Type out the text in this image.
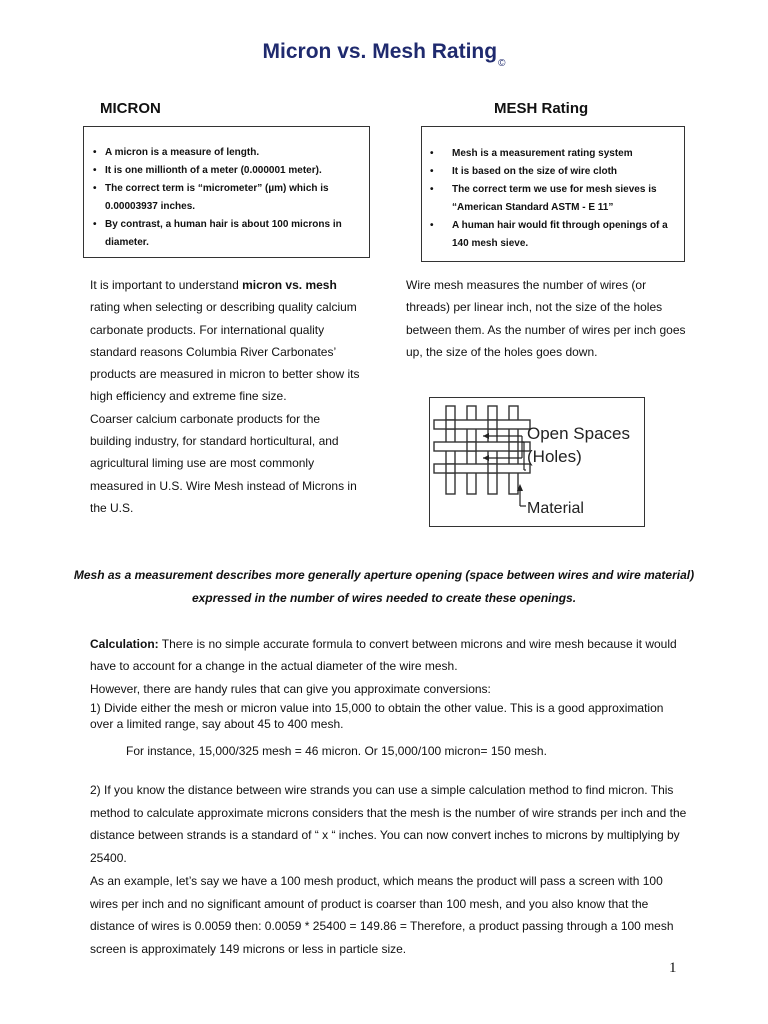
Micron vs. Mesh Rating$_©$
MICRON	MESH Rating
• A micron is a measure of length.
• It is one millionth of a meter (0.000001 meter).
• The correct term is “micrometer” (µm) which is 0.00003937 inches.
• By contrast, a human hair is about 100 microns in diameter.
• Mesh is a measurement rating system
• It is based on the size of wire cloth
• The correct term we use for mesh sieves is “American Standard ASTM - E 11”
• A human hair would fit through openings of a 140 mesh sieve.
It is important to understand micron vs. mesh rating when selecting or describing quality calcium carbonate products. For international quality standard reasons Columbia River Carbonates’ products are measured in micron to better show its high efficiency and extreme fine size.
Coarser calcium carbonate products for the building industry, for standard horticultural, and agricultural liming use are most commonly measured in U.S. Wire Mesh instead of Microns in the U.S.
Wire mesh measures the number of wires (or threads) per linear inch, not the size of the holes between them. As the number of wires per inch goes up, the size of the holes goes down.
Open Spaces
(Holes)
Material
Mesh as a measurement describes more generally aperture opening (space between wires and wire material) expressed in the number of wires needed to create these openings.

Calculation: There is no simple accurate formula to convert between microns and wire mesh because it would have to account for a change in the actual diameter of the wire mesh.

However, there are handy rules that can give you approximate conversions:

1) Divide either the mesh or micron value into 15,000 to obtain the other value. This is a good approximation over a limited range, say about 45 to 400 mesh.

For instance, 15,000/325 mesh = 46 micron. Or 15,000/100 micron= 150 mesh.

2) If you know the distance between wire strands you can use a simple calculation method to find micron. This method to calculate approximate microns considers that the mesh is the number of wire strands per inch and the distance between strands is a standard of “ x “ inches. You can now convert inches to microns by multiplying by 25400.

As an example, let’s say we have a 100 mesh product, which means the product will pass a screen with 100 wires per inch and no significant amount of product is coarser than 100 mesh, and you also know that the distance of wires is 0.0059 then: 0.0059 * 25400 = 149.86 = Therefore, a product passing through a 100 mesh screen is approximately 149 microns or less in particle size.

1
